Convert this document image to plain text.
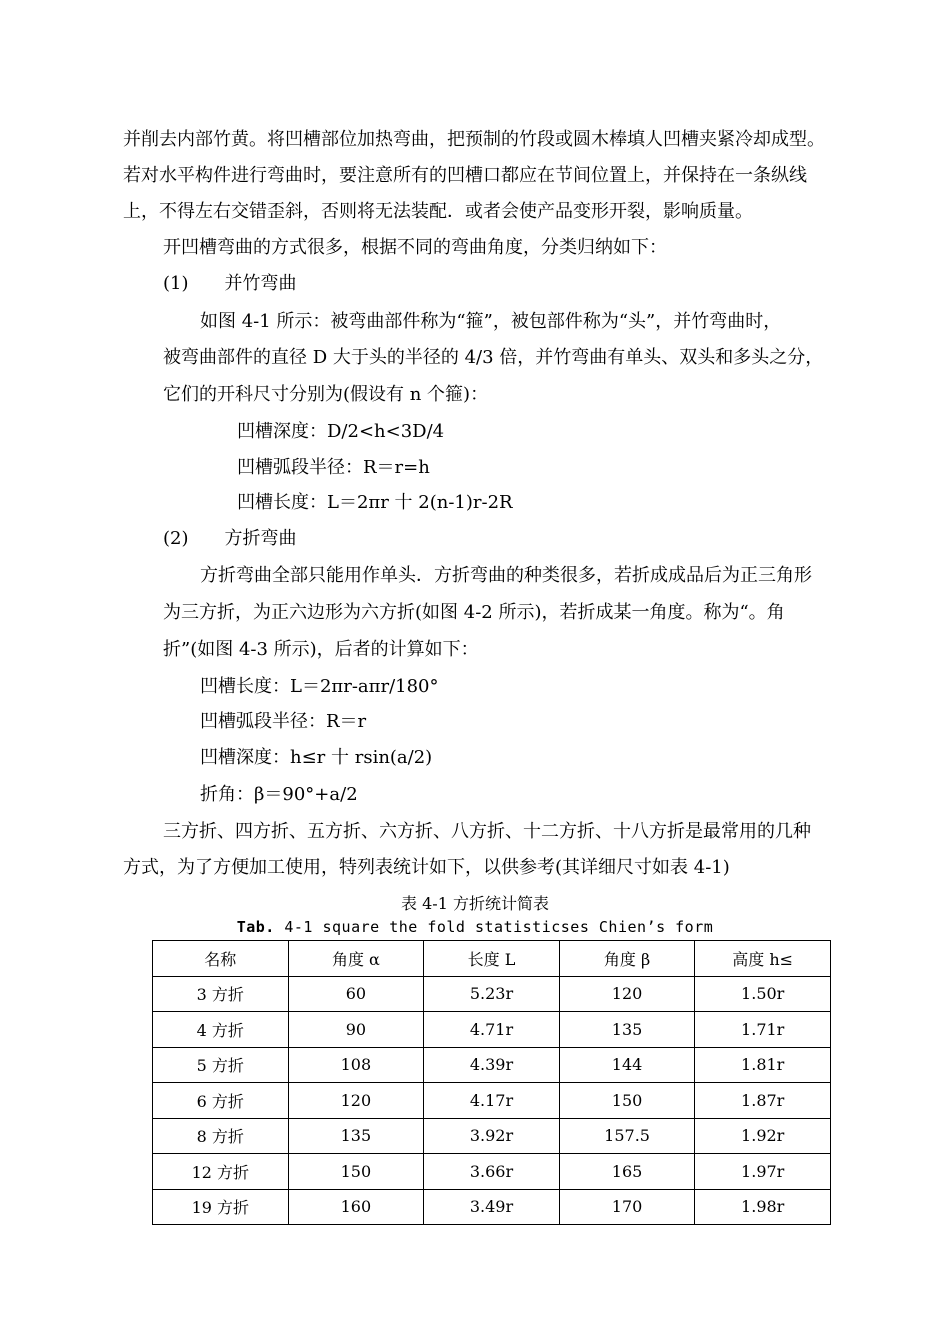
并削去内部竹黄。将凹槽部位加热弯曲，把预制的竹段或圆木棒填人凹槽夹紧冷却成型。
若对水平构件进行弯曲时，要注意所有的凹槽口都应在节间位置上，并保持在一条纵线
上，不得左右交错歪斜，否则将无法装配．或者会使产品变形开裂，影响质量。
开凹槽弯曲的方式很多，根据不同的弯曲角度，分类归纳如下：
(1)　　并竹弯曲
如图 4-1 所示：被弯曲部件称为“箍”，被包部件称为“头”，并竹弯曲时，
被弯曲部件的直径 D 大于头的半径的 4/3 倍，并竹弯曲有单头、双头和多头之分，
它们的开科尺寸分别为(假设有 n 个箍)：
凹槽深度：D/2<h<3D/4
凹槽弧段半径：R＝r=h
凹槽长度：L＝2πr 十 2(n-1)r-2R
(2)　　方折弯曲
方折弯曲全部只能用作单头．方折弯曲的种类很多，若折成成品后为正三角形
为三方折，为正六边形为六方折(如图 4-2 所示)，若折成某一角度。称为“。角
折”(如图 4-3 所示)，后者的计算如下：
凹槽长度：L＝2πr-aπr/180°
凹槽弧段半径：R＝r
凹槽深度：h≤r 十 rsin(a/2)
折角：β＝90°+a/2
三方折、四方折、五方折、六方折、八方折、十二方折、十八方折是最常用的几种
方式，为了方便加工使用，特列表统计如下，以供参考(其详细尺寸如表 4-1)
表 4-1 方折统计简表
Tab. 4-1 square the fold statisticses Chien’s form
名称	角度 α	长度 L	角度 β	高度 h≤
3 方折	60	5.23r	120	1.50r
4 方折	90	4.71r	135	1.71r
5 方折	108	4.39r	144	1.81r
6 方折	120	4.17r	150	1.87r
8 方折	135	3.92r	157.5	1.92r
12 方折	150	3.66r	165	1.97r
19 方折	160	3.49r	170	1.98r
